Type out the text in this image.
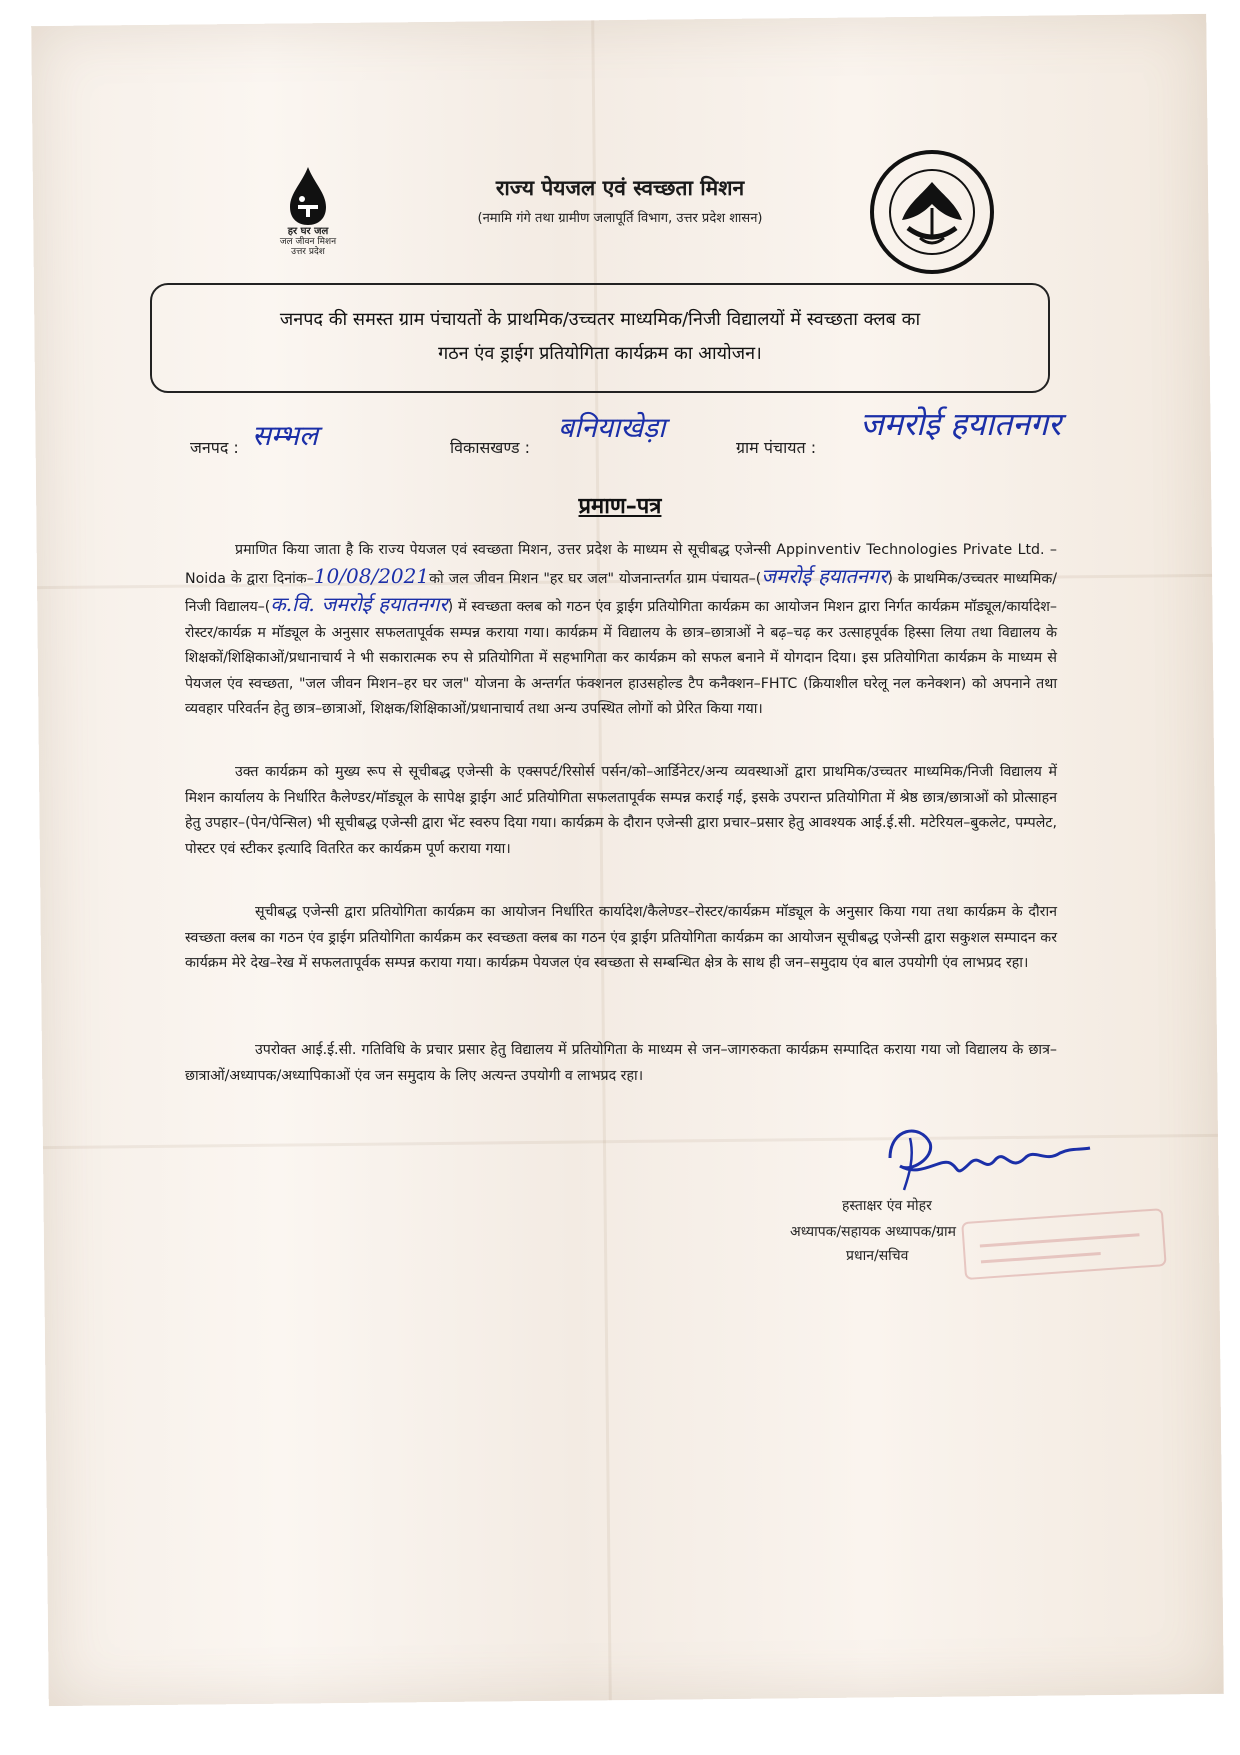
हर घर जल
जल जीवन मिशन
उत्तर प्रदेश
राज्य पेयजल एवं स्वच्छता मिशन
(नमामि गंगे तथा ग्रामीण जलापूर्ति विभाग, उत्तर प्रदेश शासन)
जनपद की समस्त ग्राम पंचायतों के प्राथमिक/उच्चतर माध्यमिक/निजी विद्यालयों में स्वच्छता क्लब का
गठन एंव ड्राईग प्रतियोगिता कार्यक्रम का आयोजन।
जनपद : सम्भल	विकासखण्ड :
बनियाखेड़ा
ग्राम पंचायत :
जमरोई हयातनगर
प्रमाण–पत्र
प्रमाणित किया जाता है कि राज्य पेयजल एवं स्वच्छता मिशन, उत्तर प्रदेश के माध्यम से सूचीबद्ध एजेन्सी Appinventiv Technologies Private Ltd. – Noida के द्वारा दिनांक–10/08/2021को जल जीवन मिशन "हर घर जल" योजनान्तर्गत ग्राम पंचायत–(जमरोई हयातनगर) के प्राथमिक/उच्चतर माध्यमिक/निजी विद्यालय–(क.वि. जमरोई हयातनगर) में स्वच्छता क्लब को गठन एंव ड्राईग प्रतियोगिता कार्यक्रम का आयोजन मिशन द्वारा निर्गत कार्यक्रम मॉड्यूल/कार्यादेश–रोस्टर/कार्यक्र म मॉड्यूल के अनुसार सफलतापूर्वक सम्पन्न कराया गया। कार्यक्रम में विद्यालय के छात्र–छात्राओं ने बढ़–चढ़ कर उत्साहपूर्वक हिस्सा लिया तथा विद्यालय के शिक्षकों/शिक्षिकाओं/प्रधानाचार्य ने भी सकारात्मक रुप से प्रतियोगिता में सहभागिता कर कार्यक्रम को सफल बनाने में योगदान दिया। इस प्रतियोगिता कार्यक्रम के माध्यम से पेयजल एंव स्वच्छता, "जल जीवन मिशन–हर घर जल" योजना के अन्तर्गत फंक्शनल हाउसहोल्ड टैप कनैक्शन–FHTC (क्रियाशील घरेलू नल कनेक्शन) को अपनाने तथा व्यवहार परिवर्तन हेतु छात्र–छात्राओं, शिक्षक/शिक्षिकाओं/प्रधानाचार्य तथा अन्य उपस्थित लोगों को प्रेरित किया गया।
उक्त कार्यक्रम को मुख्य रूप से सूचीबद्ध एजेन्सी के एक्सपर्ट/रिसोर्स पर्सन/को–आर्डिनेटर/अन्य व्यवस्थाओं द्वारा प्राथमिक/उच्चतर माध्यमिक/निजी विद्यालय में मिशन कार्यालय के निर्धारित कैलेण्डर/मॉड्यूल के सापेक्ष ड्राईग आर्ट प्रतियोगिता सफलतापूर्वक सम्पन्न कराई गई, इसके उपरान्त प्रतियोगिता में श्रेष्ठ छात्र/छात्राओं को प्रोत्साहन हेतु उपहार–(पेन/पेन्सिल) भी सूचीबद्ध एजेन्सी द्वारा भेंट स्वरुप दिया गया। कार्यक्रम के दौरान एजेन्सी द्वारा प्रचार–प्रसार हेतु आवश्यक आई.ई.सी. मटेरियल–बुकलेट, पम्पलेट, पोस्टर एवं स्टीकर इत्यादि वितरित कर कार्यक्रम पूर्ण कराया गया।
सूचीबद्ध एजेन्सी द्वारा प्रतियोगिता कार्यक्रम का आयोजन निर्धारित कार्यादेश/कैलेण्डर–रोस्टर/कार्यक्रम मॉड्यूल के अनुसार किया गया तथा कार्यक्रम के दौरान स्वच्छता क्लब का गठन एंव ड्राईग प्रतियोगिता कार्यक्रम कर स्वच्छता क्लब का गठन एंव ड्राईग प्रतियोगिता कार्यक्रम का आयोजन सूचीबद्ध एजेन्सी द्वारा सकुशल सम्पादन कर कार्यक्रम मेरे देख–रेख में सफलतापूर्वक सम्पन्न कराया गया। कार्यक्रम पेयजल एंव स्वच्छता से सम्बन्धित क्षेत्र के साथ ही जन–समुदाय एंव बाल उपयोगी एंव लाभप्रद रहा।
उपरोक्त आई.ई.सी. गतिविधि के प्रचार प्रसार हेतु विद्यालय में प्रतियोगिता के माध्यम से जन–जागरुकता कार्यक्रम सम्पादित कराया गया जो विद्यालय के छात्र–छात्राओं/अध्यापक/अध्यापिकाओं एंव जन समुदाय के लिए अत्यन्त उपयोगी व लाभप्रद रहा।
हस्ताक्षर एंव मोहर
अध्यापक/सहायक अध्यापक/ग्राम
प्रधान/सचिव
